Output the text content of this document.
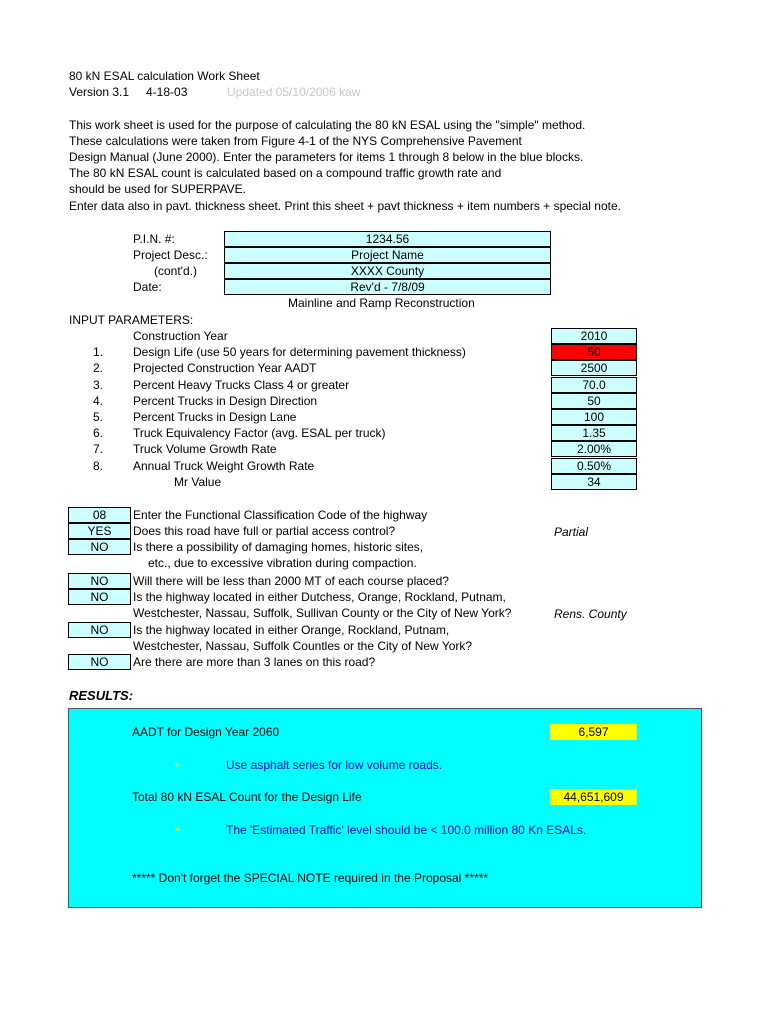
80 kN ESAL calculation Work Sheet
Version 3.1 4-18-03	Updated 05/10/2006 kaw
This work sheet is used for the purpose of calculating the 80 kN ESAL using the "simple" method.
These calculations were taken from Figure 4-1 of the NYS Comprehensive Pavement
Design Manual (June 2000). Enter the parameters for items 1 through 8 below in the blue blocks.
The 80 kN ESAL count is calculated based on a compound traffic growth rate and
should be used for SUPERPAVE.
Enter data also in pavt. thickness sheet. Print this sheet + pavt thickness + item numbers + special note.
P.I.N. #:	1234.56
Project Desc.:	Project Name
(cont'd.)	XXXX County
Date:	Rev'd - 7/8/09
Mainline and Ramp Reconstruction
INPUT PARAMETERS:
Construction Year	2010
1. Design Life (use 50 years for determining pavement thickness)	50
2. Projected Construction Year AADT	2500
3. Percent Heavy Trucks Class 4 or greater	70.0
4. Percent Trucks in Design Direction	50
5. Percent Trucks in Design Lane	100
6. Truck Equivalency Factor (avg. ESAL per truck)	1.35
7. Truck Volume Growth Rate	2.00%
8. Annual Truck Weight Growth Rate	0.50%
Mr Value	34
08	Enter the Functional Classification Code of the highway
YES	Does this road have full or partial access control?	Partial
NO	Is there a possibility of damaging homes, historic sites,
etc., due to excessive vibration during compaction.
NO	Will there will be less than 2000 MT of each course placed?
NO	Is the highway located in either Dutchess, Orange, Rockland, Putnam,
Westchester, Nassau, Suffolk, Sullivan County or the City of New York?	Rens. County
NO	Is the highway located in either Orange, Rockland, Putnam,
Westchester, Nassau, Suffolk Countles or the City of New York?
NO	Are there are more than 3 lanes on this road?
RESULTS:
AADT for Design Year 2060	6,597
•	Use asphalt series for low volume roads.
Total 80 kN ESAL Count for the Design Life	44,651,609
•	The 'Estimated Traffic' level should be < 100.0 million 80 Kn ESALs.
***** Don't forget the SPECIAL NOTE required in the Proposal *****
